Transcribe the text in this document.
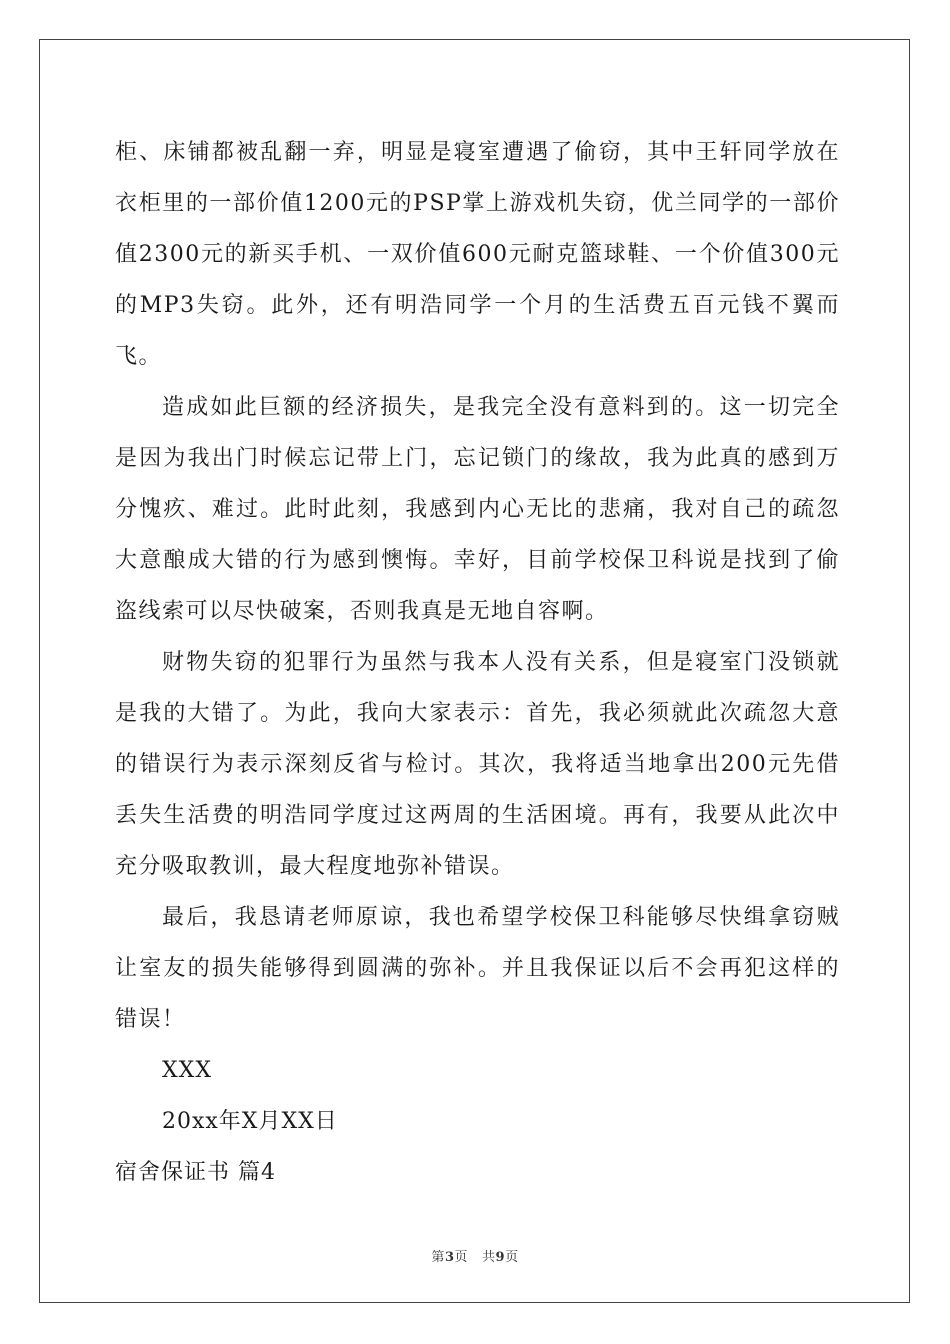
柜、床铺都被乱翻一弃，明显是寝室遭遇了偷窃，其中王轩同学放在衣柜里的一部价值1200元的PSP掌上游戏机失窃，优兰同学的一部价值2300元的新买手机、一双价值600元耐克篮球鞋、一个价值300元的MP3失窃。此外，还有明浩同学一个月的生活费五百元钱不翼而飞。

造成如此巨额的经济损失，是我完全没有意料到的。这一切完全是因为我出门时候忘记带上门，忘记锁门的缘故，我为此真的感到万分愧疚、难过。此时此刻，我感到内心无比的悲痛，我对自己的疏忽大意酿成大错的行为感到懊悔。幸好，目前学校保卫科说是找到了偷盗线索可以尽快破案，否则我真是无地自容啊。

财物失窃的犯罪行为虽然与我本人没有关系，但是寝室门没锁就是我的大错了。为此，我向大家表示：首先，我必须就此次疏忽大意的错误行为表示深刻反省与检讨。其次，我将适当地拿出200元先借丢失生活费的明浩同学度过这两周的生活困境。再有，我要从此次中充分吸取教训，最大程度地弥补错误。

最后，我恳请老师原谅，我也希望学校保卫科能够尽快缉拿窃贼让室友的损失能够得到圆满的弥补。并且我保证以后不会再犯这样的错误！

XXX

20xx年X月XX日

宿舍保证书 篇4

第3页 共9页
